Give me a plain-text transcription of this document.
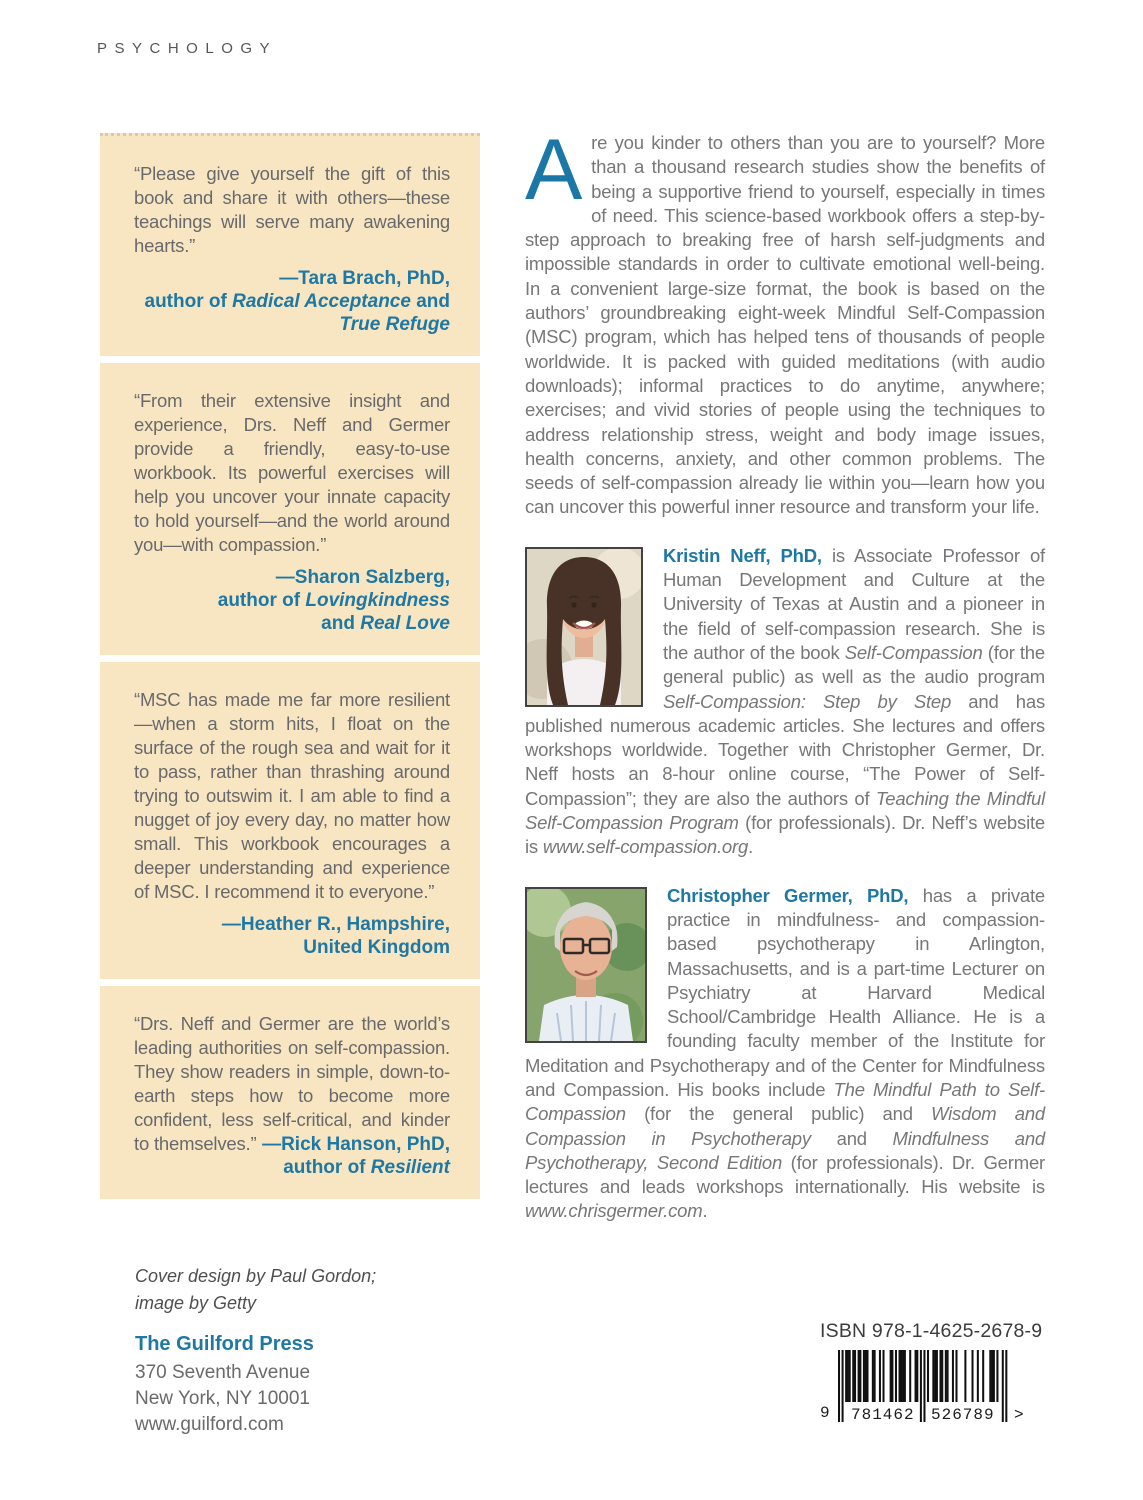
PSYCHOLOGY

“Please give yourself the gift of this book and share it with others—these teachings will serve many awakening hearts.”

—Tara Brach, PhD,
author of Radical Acceptance and
True Refuge

“From their extensive insight and experience, Drs. Neff and Germer provide a friendly, easy-to-use workbook. Its powerful exercises will help you uncover your innate capacity to hold yourself—and the world around you—with compassion.”

—Sharon Salzberg,
author of Lovingkindness
and Real Love

“MSC has made me far more resilient—when a storm hits, I float on the surface of the rough sea and wait for it to pass, rather than thrashing around trying to outswim it. I am able to find a nugget of joy every day, no matter how small. This workbook encourages a deeper understanding and experience of MSC. I recommend it to everyone.”

—Heather R., Hampshire,
United Kingdom

“Drs. Neff and Germer are the world’s leading authorities on self-compassion. They show readers in simple, down-to-earth steps how to become more confident, less self-critical, and kinder to themselves.” —Rick Hanson, PhD,
author of Resilient

Are you kinder to others than you are to yourself? More than a thousand research studies show the benefits of being a supportive friend to yourself, especially in times of need. This science-based workbook offers a step-by-step approach to breaking free of harsh self-judgments and impossible standards in order to cultivate emotional well-being. In a convenient large-size format, the book is based on the authors’ groundbreaking eight-week Mindful Self-Compassion (MSC) program, which has helped tens of thousands of people worldwide. It is packed with guided meditations (with audio downloads); informal practices to do anytime, anywhere; exercises; and vivid stories of people using the techniques to address relationship stress, weight and body image issues, health concerns, anxiety, and other common problems. The seeds of self-compassion already lie within you—learn how you can uncover this powerful inner resource and transform your life.

Kristin Neff, PhD, is Associate Professor of Human Development and Culture at the University of Texas at Austin and a pioneer in the field of self-compassion research. She is the author of the book Self-Compassion (for the general public) as well as the audio program Self-Compassion: Step by Step and has published numerous academic articles. She lectures and offers workshops worldwide. Together with Christopher Germer, Dr. Neff hosts an 8-hour online course, “The Power of Self-Compassion”; they are also the authors of Teaching the Mindful Self-Compassion Program (for professionals). Dr. Neff’s website is www.self-compassion.org.

Christopher Germer, PhD, has a private practice in mindfulness- and compassion-based psychotherapy in Arlington, Massachusetts, and is a part-time Lecturer on Psychiatry at Harvard Medical School/Cambridge Health Alliance. He is a founding faculty member of the Institute for Meditation and Psychotherapy and of the Center for Mindfulness and Compassion. His books include The Mindful Path to Self-Compassion (for the general public) and Wisdom and Compassion in Psychotherapy and Mindfulness and Psychotherapy, Second Edition (for professionals). Dr. Germer lectures and leads workshops internationally. His website is www.chrisgermer.com.

Cover design by Paul Gordon;
image by Getty
The Guilford Press
370 Seventh Avenue
New York, NY 10001
www.guilford.com
ISBN 978-1-4625-2678-9
9 781462 526789 >
